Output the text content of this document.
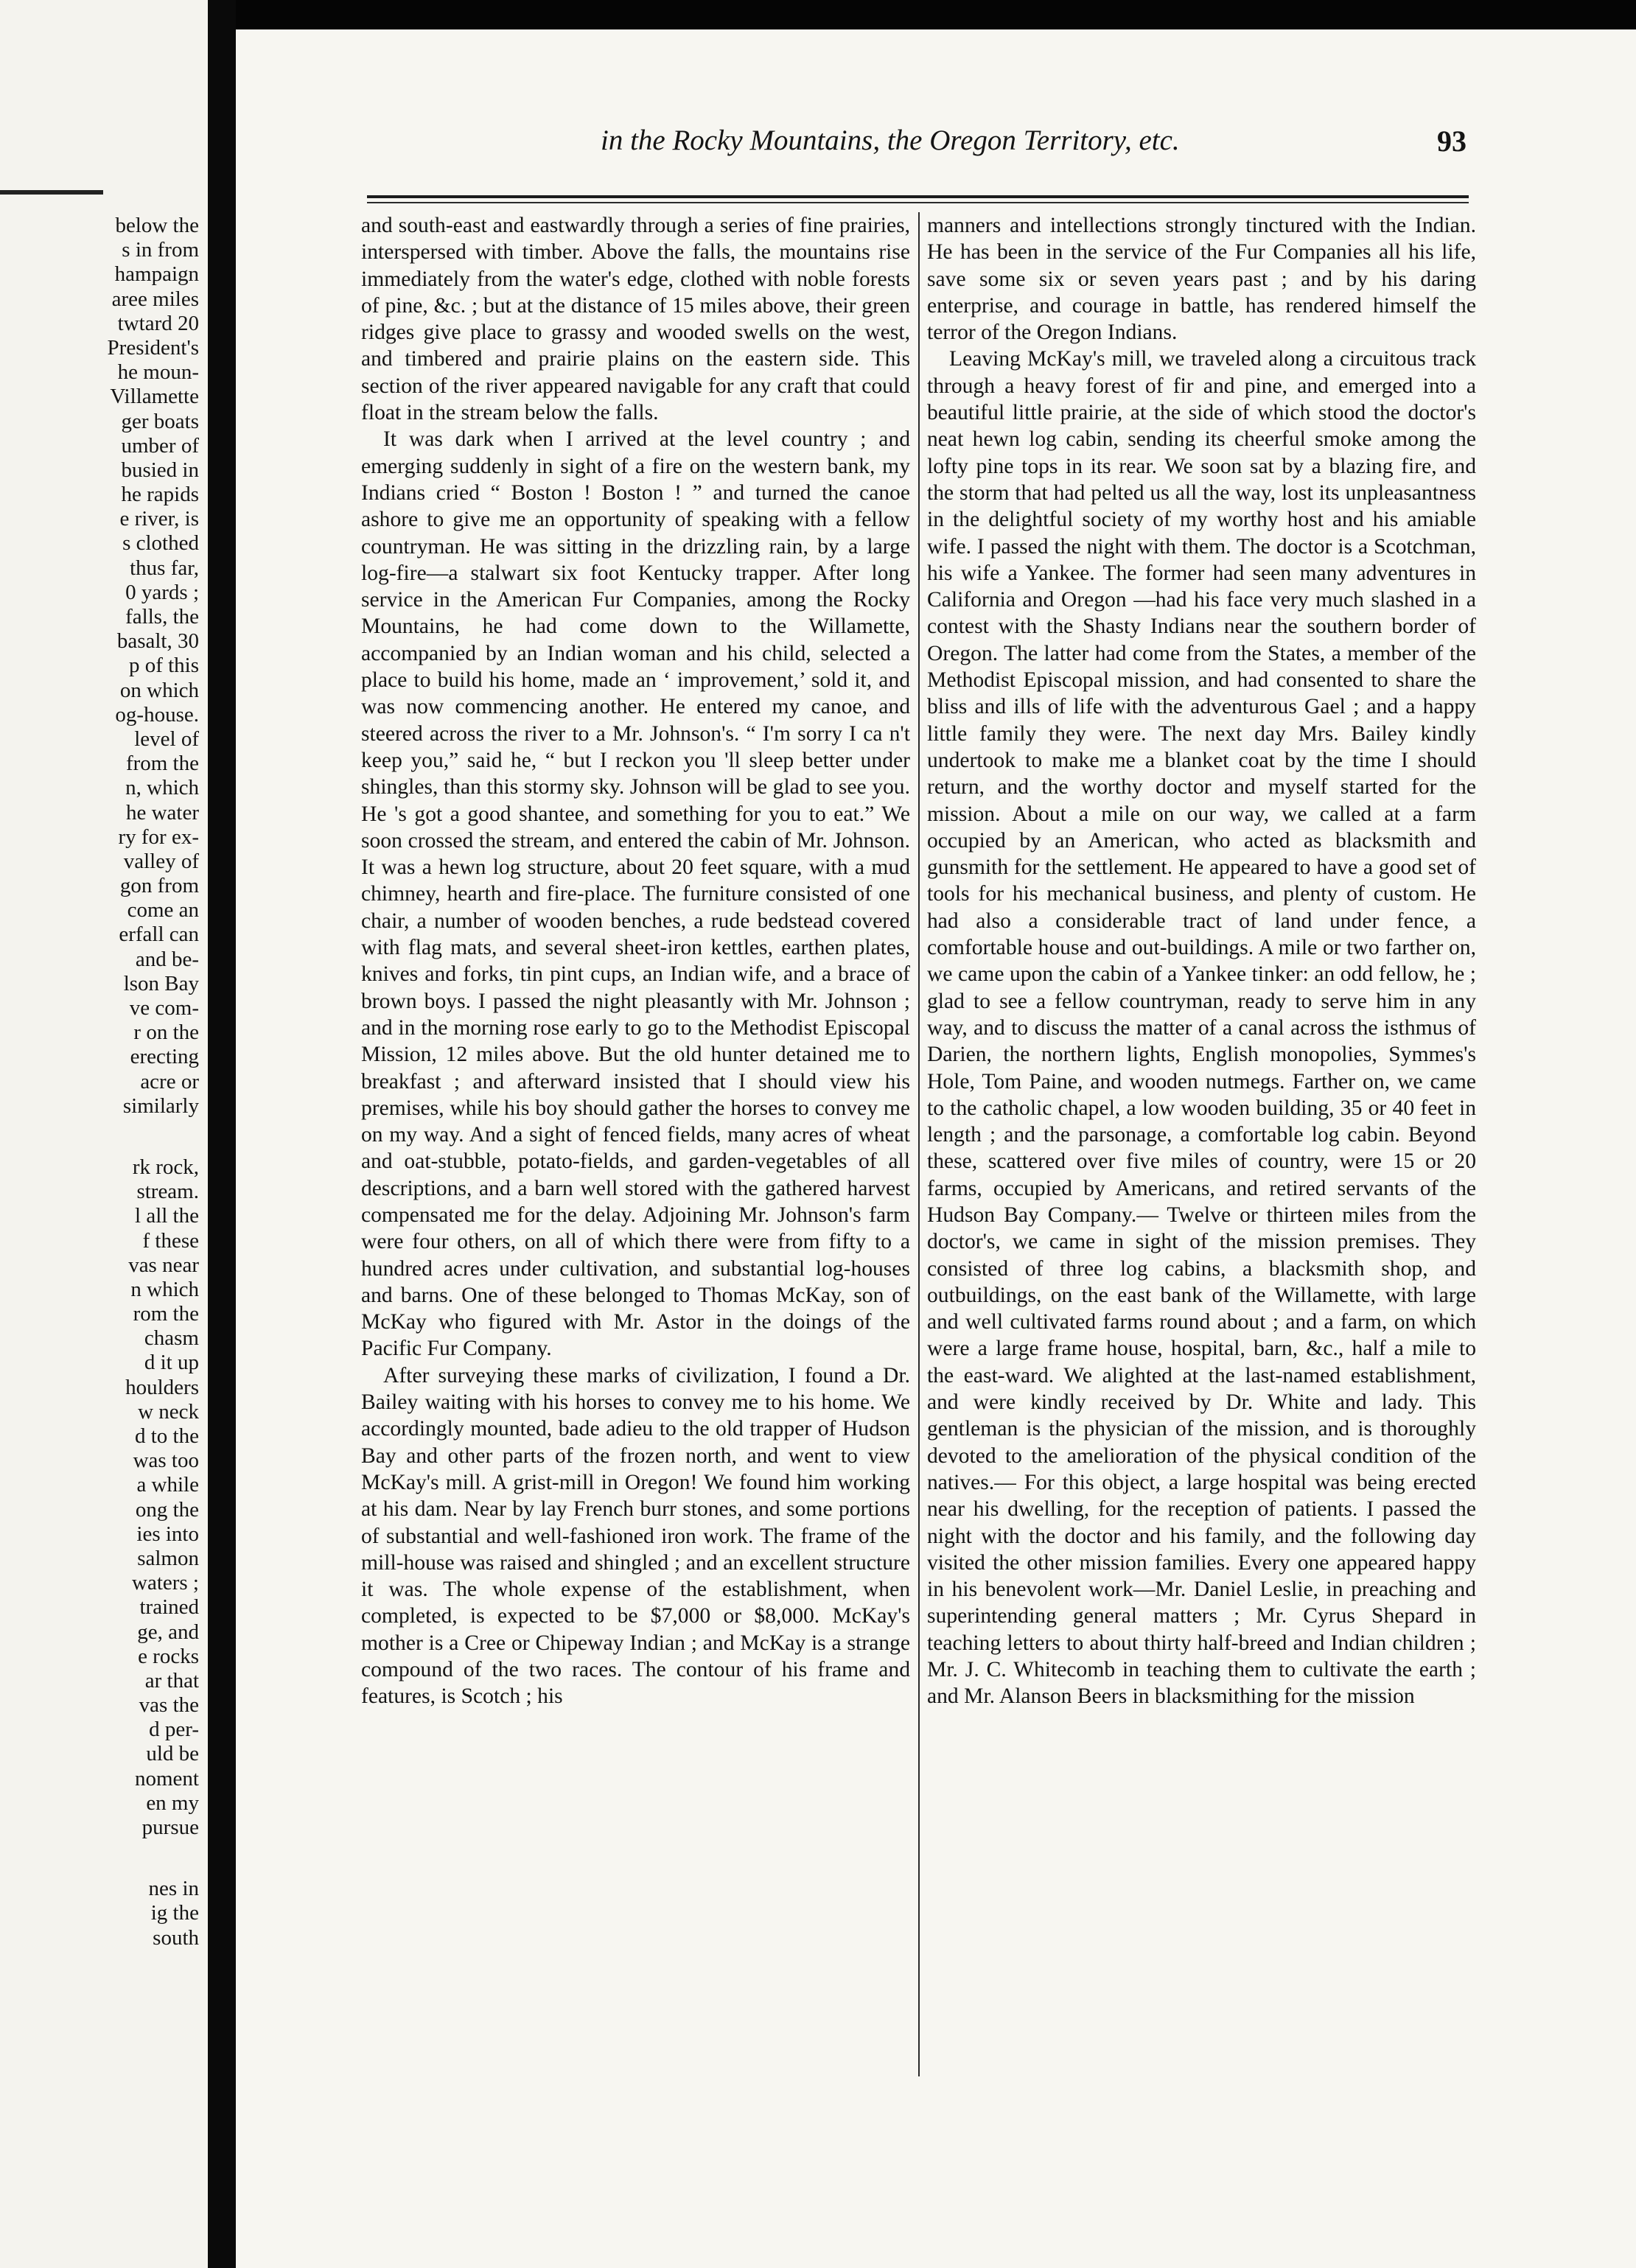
below the
s in from
hampaign
aree miles
twtard 20
President's
he moun-
Villamette
ger boats
umber of
busied in
he rapids
e river, is
s clothed
thus far,
0 yards ;
falls, the
basalt, 30
p of this
on which
og-house.
level of
from the
n, which
he water
ry for ex-
valley of
gon from
come an
erfall can
and be-
lson Bay
ve com-
r on the
erecting
acre or
similarly
rk rock,
stream.
l all the
f these
vas near
n which
rom the
chasm
d it up
houlders
w neck
d to the
was too
a while
ong the
ies into
salmon
waters ;
trained
ge, and
e rocks
ar that
vas the
d per-
uld be
noment
en my
pursue
nes in
ig the
south
in the Rocky Mountains, the Oregon Territory, etc.	93

and south-east and eastwardly through a series of fine prairies, interspersed with timber. Above the falls, the mountains rise immediately from the water's edge, clothed with noble forests of pine, &c. ; but at the distance of 15 miles above, their green ridges give place to grassy and wooded swells on the west, and timbered and prairie plains on the eastern side. This section of the river appeared navigable for any craft that could float in the stream below the falls.

It was dark when I arrived at the level country ; and emerging suddenly in sight of a fire on the western bank, my Indians cried “ Boston ! Boston ! ” and turned the canoe ashore to give me an opportunity of speaking with a fellow countryman. He was sitting in the drizzling rain, by a large log-fire—a stalwart six foot Kentucky trapper. After long service in the American Fur Companies, among the Rocky Mountains, he had come down to the Willamette, accompanied by an Indian woman and his child, selected a place to build his home, made an ‘ improvement,’ sold it, and was now commencing another. He entered my canoe, and steered across the river to a Mr. Johnson's. “ I'm sorry I ca n't keep you,” said he, “ but I reckon you 'll sleep better under shingles, than this stormy sky. Johnson will be glad to see you. He 's got a good shantee, and something for you to eat.” We soon crossed the stream, and entered the cabin of Mr. Johnson. It was a hewn log structure, about 20 feet square, with a mud chimney, hearth and fire-place. The furniture consisted of one chair, a number of wooden benches, a rude bedstead covered with flag mats, and several sheet-iron kettles, earthen plates, knives and forks, tin pint cups, an Indian wife, and a brace of brown boys. I passed the night pleasantly with Mr. Johnson ; and in the morning rose early to go to the Methodist Episcopal Mission, 12 miles above. But the old hunter detained me to breakfast ; and afterward insisted that I should view his premises, while his boy should gather the horses to convey me on my way. And a sight of fenced fields, many acres of wheat and oat-stubble, potato-fields, and garden-vegetables of all descriptions, and a barn well stored with the gathered harvest compensated me for the delay. Adjoining Mr. Johnson's farm were four others, on all of which there were from fifty to a hundred acres under cultivation, and substantial log-houses and barns. One of these belonged to Thomas McKay, son of McKay who figured with Mr. Astor in the doings of the Pacific Fur Company.

After surveying these marks of civilization, I found a Dr. Bailey waiting with his horses to convey me to his home. We accordingly mounted, bade adieu to the old trapper of Hudson Bay and other parts of the frozen north, and went to view McKay's mill. A grist-mill in Oregon! We found him working at his dam. Near by lay French burr stones, and some portions of substantial and well-fashioned iron work. The frame of the mill-house was raised and shingled ; and an excellent structure it was. The whole expense of the establishment, when completed, is expected to be $7,000 or $8,000. McKay's mother is a Cree or Chipeway Indian ; and McKay is a strange compound of the two races. The contour of his frame and features, is Scotch ; his

manners and intellections strongly tinctured with the Indian. He has been in the service of the Fur Companies all his life, save some six or seven years past ; and by his daring enterprise, and courage in battle, has rendered himself the terror of the Oregon Indians.

Leaving McKay's mill, we traveled along a circuitous track through a heavy forest of fir and pine, and emerged into a beautiful little prairie, at the side of which stood the doctor's neat hewn log cabin, sending its cheerful smoke among the lofty pine tops in its rear. We soon sat by a blazing fire, and the storm that had pelted us all the way, lost its unpleasantness in the delightful society of my worthy host and his amiable wife. I passed the night with them. The doctor is a Scotchman, his wife a Yankee. The former had seen many adventures in California and Oregon —had his face very much slashed in a contest with the Shasty Indians near the southern border of Oregon. The latter had come from the States, a member of the Methodist Episcopal mission, and had consented to share the bliss and ills of life with the adventurous Gael ; and a happy little family they were. The next day Mrs. Bailey kindly undertook to make me a blanket coat by the time I should return, and the worthy doctor and myself started for the mission. About a mile on our way, we called at a farm occupied by an American, who acted as blacksmith and gunsmith for the settlement. He appeared to have a good set of tools for his mechanical business, and plenty of custom. He had also a considerable tract of land under fence, a comfortable house and out-buildings. A mile or two farther on, we came upon the cabin of a Yankee tinker: an odd fellow, he ; glad to see a fellow countryman, ready to serve him in any way, and to discuss the matter of a canal across the isthmus of Darien, the northern lights, English monopolies, Symmes's Hole, Tom Paine, and wooden nutmegs. Farther on, we came to the catholic chapel, a low wooden building, 35 or 40 feet in length ; and the parsonage, a comfortable log cabin. Beyond these, scattered over five miles of country, were 15 or 20 farms, occupied by Americans, and retired servants of the Hudson Bay Company.— Twelve or thirteen miles from the doctor's, we came in sight of the mission premises. They consisted of three log cabins, a blacksmith shop, and outbuildings, on the east bank of the Willamette, with large and well cultivated farms round about ; and a farm, on which were a large frame house, hospital, barn, &c., half a mile to the east-ward. We alighted at the last-named establishment, and were kindly received by Dr. White and lady. This gentleman is the physician of the mission, and is thoroughly devoted to the amelioration of the physical condition of the natives.— For this object, a large hospital was being erected near his dwelling, for the reception of patients. I passed the night with the doctor and his family, and the following day visited the other mission families. Every one appeared happy in his benevolent work—Mr. Daniel Leslie, in preaching and superintending general matters ; Mr. Cyrus Shepard in teaching letters to about thirty half-breed and Indian children ; Mr. J. C. Whitecomb in teaching them to cultivate the earth ; and Mr. Alanson Beers in blacksmithing for the mission
